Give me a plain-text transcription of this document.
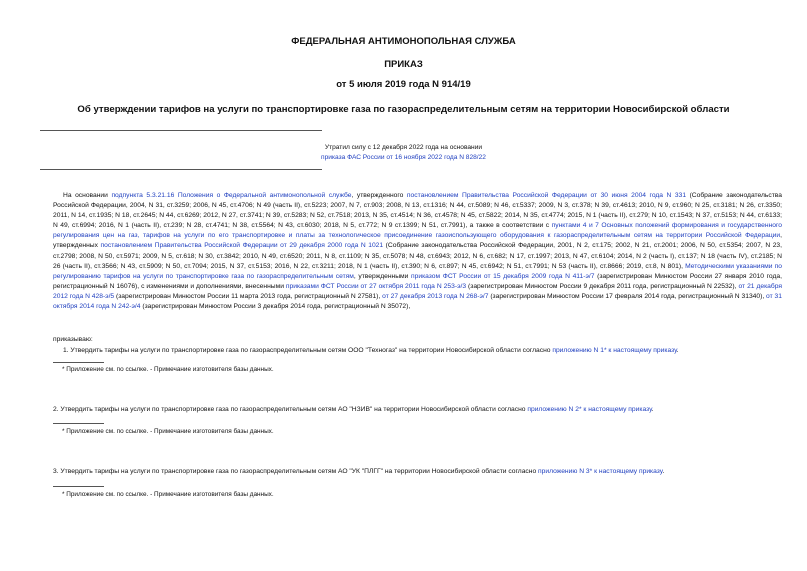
ФЕДЕРАЛЬНАЯ АНТИМОНОПОЛЬНАЯ СЛУЖБА
ПРИКАЗ
от 5 июля 2019 года N 914/19
Об утверждении тарифов на услуги по транспортировке газа по газораспределительным сетям на территории Новосибирской области
Утратил силу с 12 декабря 2022 года на основании
приказа ФАС России от 16 ноября 2022 года N 828/22
На основании подпункта 5.3.21.16 Положения о Федеральной антимонопольной службе, утвержденного постановлением Правительства Российской Федерации от 30 июня 2004 года N 331 (Собрание законодательства Российской Федерации, 2004, N 31, ст.3259; 2006, N 45, ст.4706; N 49 (часть II), ст.5223; 2007, N 7, ст.903; 2008, N 13, ст.1316; N 44, ст.5089; N 46, ст.5337; 2009, N 3, ст.378; N 39, ст.4613; 2010, N 9, ст.960; N 25, ст.3181; N 26, ст.3350; 2011, N 14, ст.1935; N 18, ст.2645; N 44, ст.6269; 2012, N 27, ст.3741; N 39, ст.5283; N 52, ст.7518; 2013, N 35, ст.4514; N 36, ст.4578; N 45, ст.5822; 2014, N 35, ст.4774; 2015, N 1 (часть II), ст.279; N 10, ст.1543; N 37, ст.5153; N 44, ст.6133; N 49, ст.6994; 2016, N 1 (часть II), ст.239; N 28, ст.4741; N 38, ст.5564; N 43, ст.6030; 2018, N 5, ст.772; N 9 ст.1399; N 51, ст.7991), а также в соответствии с пунктами 4 и 7 Основных положений формирования и государственного регулирования цен на газ, тарифов на услуги по его транспортировке и платы за технологическое присоединение газоиспользующего оборудования к газораспределительным сетям на территории Российской Федерации, утвержденных постановлением Правительства Российской Федерации от 29 декабря 2000 года N 1021 (Собрание законодательства Российской Федерации, 2001, N 2, ст.175; 2002, N 21, ст.2001; 2006, N 50, ст.5354; 2007, N 23, ст.2798; 2008, N 50, ст.5971; 2009, N 5, ст.618; N 30, ст.3842; 2010, N 49, ст.6520; 2011, N 8, ст.1109; N 35, ст.5078; N 48, ст.6943; 2012, N 6, ст.682; N 17, ст.1997; 2013, N 47, ст.6104; 2014, N 2 (часть I), ст.137; N 18 (часть IV), ст.2185; N 26 (часть II), ст.3566; N 43, ст.5909; N 50, ст.7094; 2015, N 37, ст.5153; 2016, N 22, ст.3211; 2018, N 1 (часть II), ст.390; N 6, ст.897; N 45, ст.6942; N 51, ст.7991; N 53 (часть II), ст.8666; 2019, ст.8, N 801), Методическими указаниями по регулированию тарифов на услуги по транспортировке газа по газораспределительным сетям, утвержденными приказом ФСТ России от 15 декабря 2009 года N 411-э/7 (зарегистрирован Минюстом России 27 января 2010 года, регистрационный N 16076), с изменениями и дополнениями, внесенными приказами ФСТ России от 27 октября 2011 года N 253-э/3 (зарегистрирован Минюстом России 9 декабря 2011 года, регистрационный N 22532), от 21 декабря 2012 года N 428-э/5 (зарегистрирован Минюстом России 11 марта 2013 года, регистрационный N 27581), от 27 декабря 2013 года N 268-э/7 (зарегистрирован Минюстом России 17 февраля 2014 года, регистрационный N 31340), от 31 октября 2014 года N 242-э/4 (зарегистрирован Минюстом России 3 декабря 2014 года, регистрационный N 35072),
приказываю:
1. Утвердить тарифы на услуги по транспортировке газа по газораспределительным сетям ООО "Техногаз" на территории Новосибирской области согласно приложению N 1* к настоящему приказу.
* Приложение см. по ссылке. - Примечание изготовителя базы данных.
2. Утвердить тарифы на услуги по транспортировке газа по газораспределительным сетям АО "НЗИВ" на территории Новосибирской области согласно приложению N 2* к настоящему приказу.
* Приложение см. по ссылке. - Примечание изготовителя базы данных.
3. Утвердить тарифы на услуги по транспортировке газа по газораспределительным сетям АО "УК "ПЛГГ" на территории Новосибирской области согласно приложению N 3* к настоящему приказу.
* Приложение см. по ссылке. - Примечание изготовителя базы данных.
